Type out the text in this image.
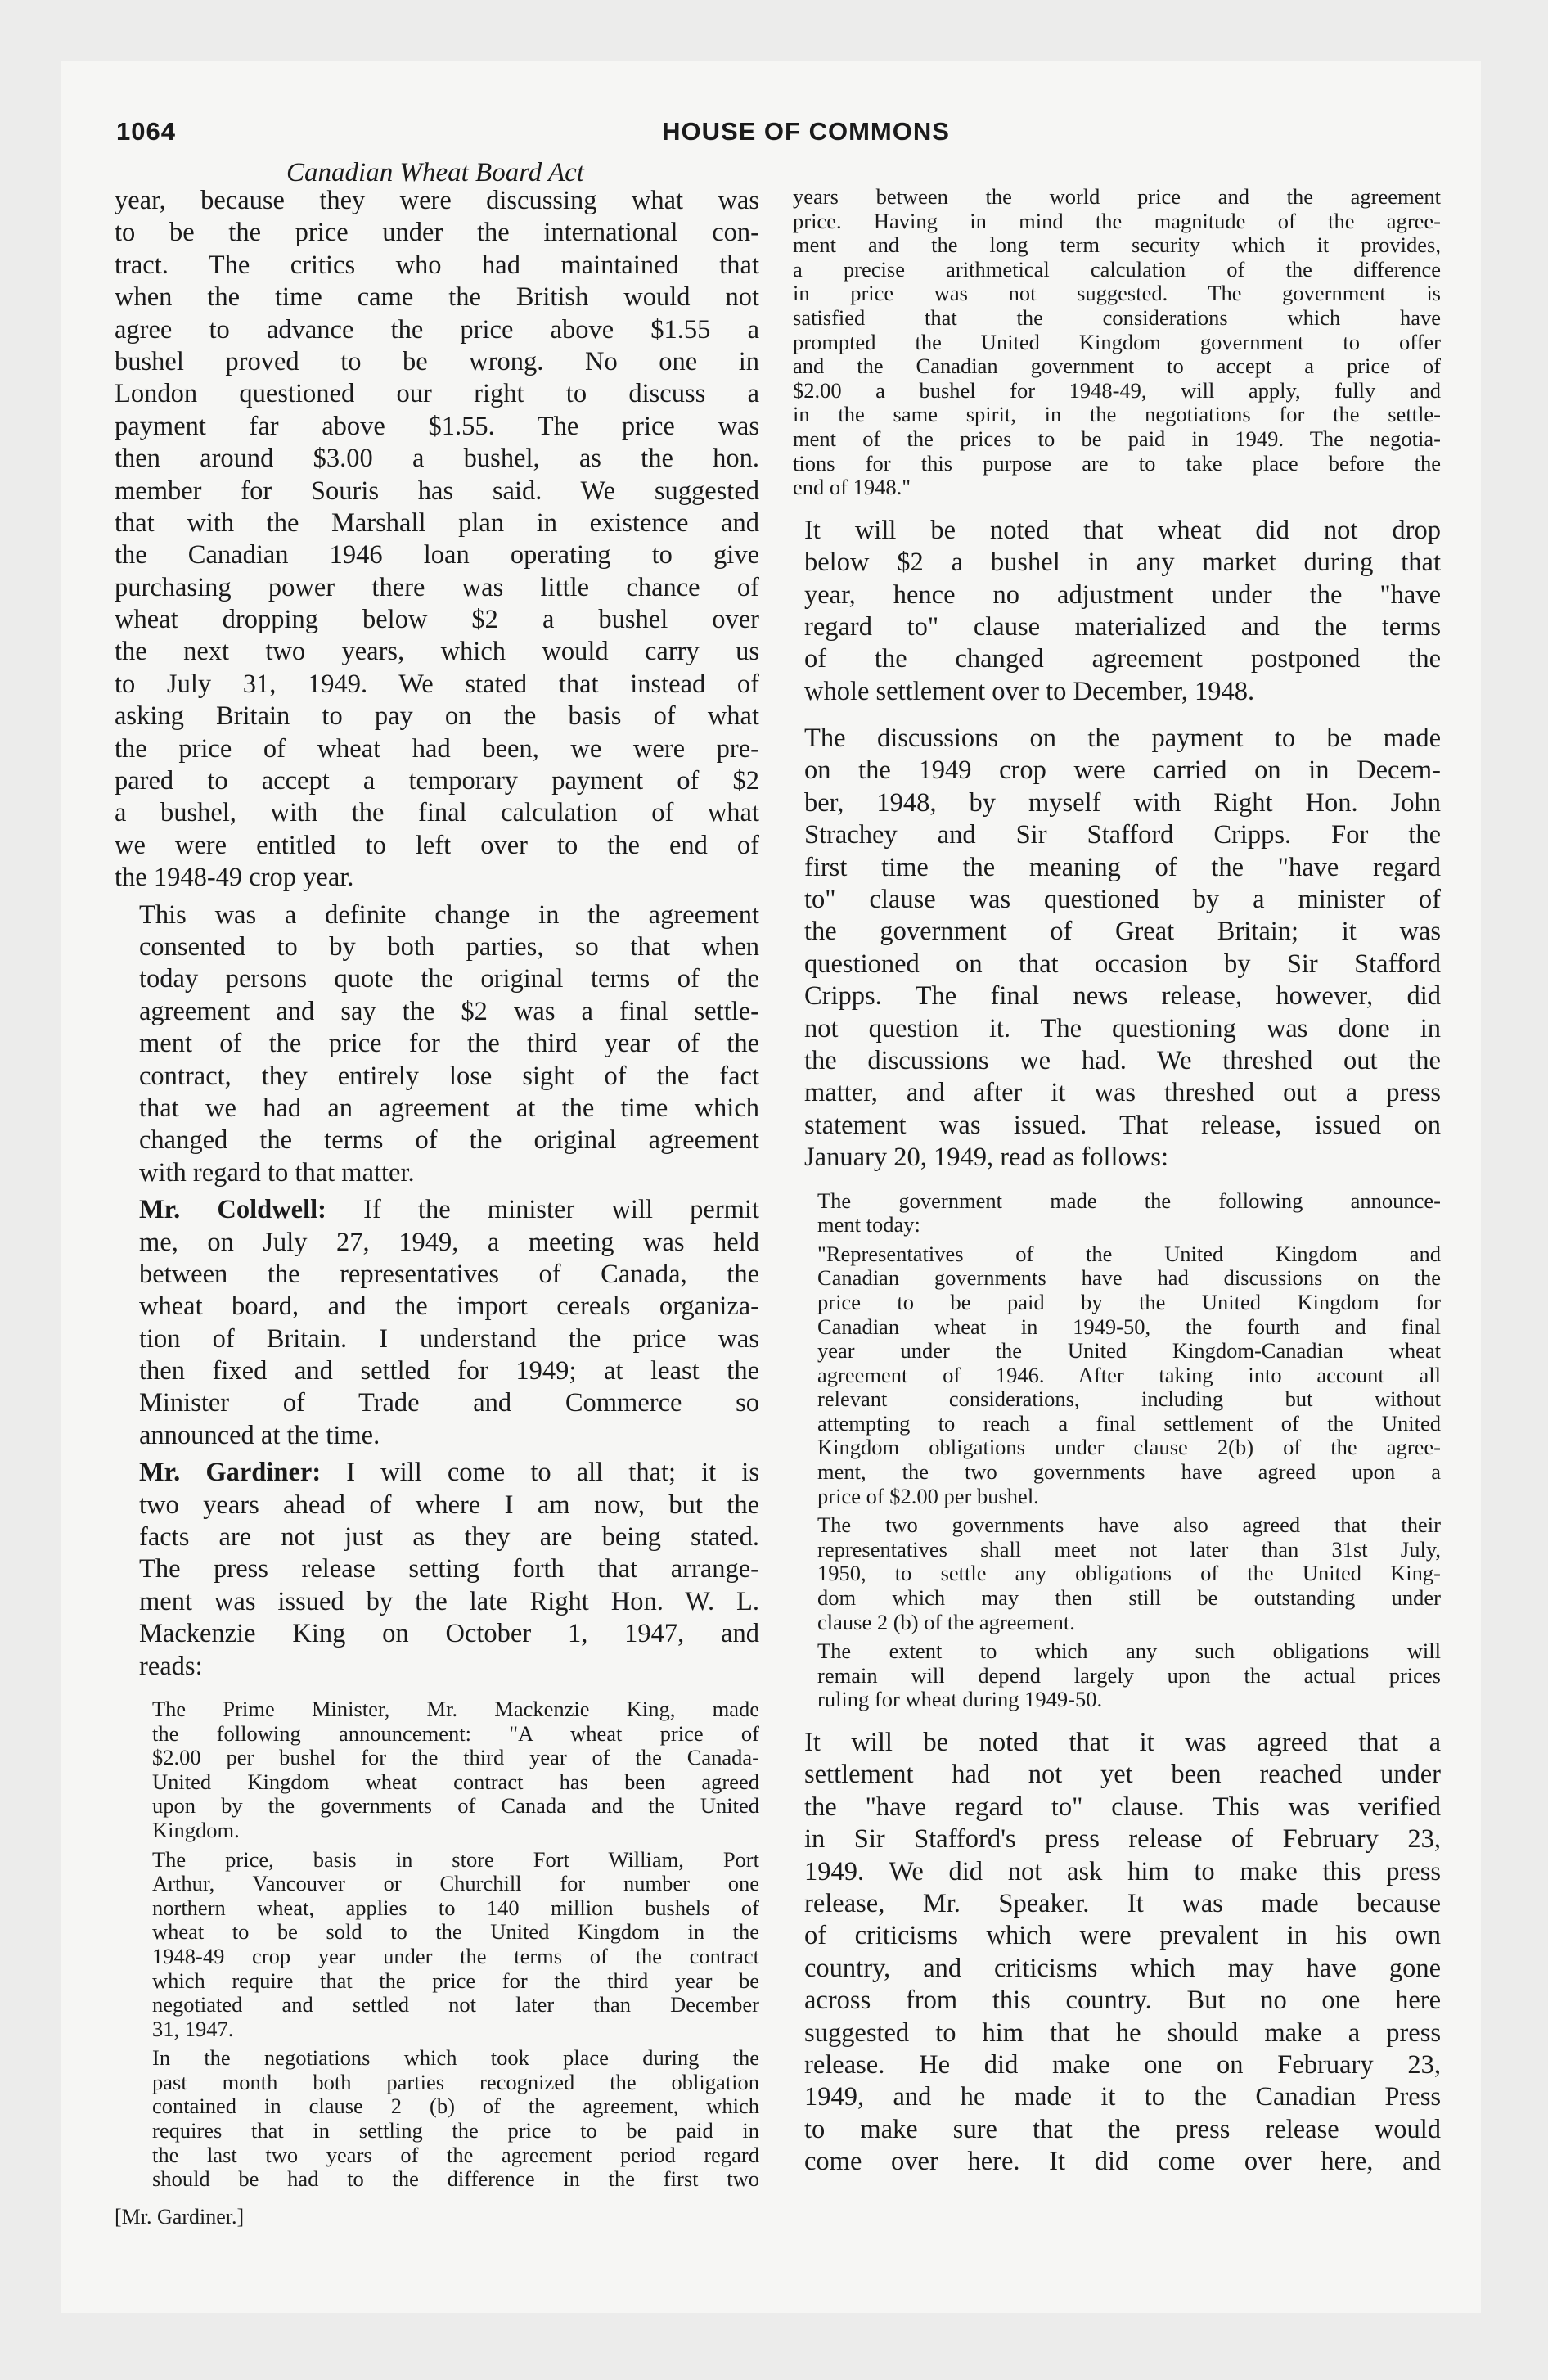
1064	HOUSE OF COMMONS
Canadian Wheat Board Act
year, because they were discussing what was
to be the price under the international con-
tract. The critics who had maintained that
when the time came the British would not
agree to advance the price above $1.55 a
bushel proved to be wrong. No one in
London questioned our right to discuss a
payment far above $1.55. The price was
then around $3.00 a bushel, as the hon.
member for Souris has said. We suggested
that with the Marshall plan in existence and
the Canadian 1946 loan operating to give
purchasing power there was little chance of
wheat dropping below $2 a bushel over
the next two years, which would carry us
to July 31, 1949. We stated that instead of
asking Britain to pay on the basis of what
the price of wheat had been, we were pre-
pared to accept a temporary payment of $2
a bushel, with the final calculation of what
we were entitled to left over to the end of
the 1948-49 crop year.
This was a definite change in the agreement
consented to by both parties, so that when
today persons quote the original terms of the
agreement and say the $2 was a final settle-
ment of the price for the third year of the
contract, they entirely lose sight of the fact
that we had an agreement at the time which
changed the terms of the original agreement
with regard to that matter.
Mr. Coldwell: If the minister will permit
me, on July 27, 1949, a meeting was held
between the representatives of Canada, the
wheat board, and the import cereals organiza-
tion of Britain. I understand the price was
then fixed and settled for 1949; at least the
Minister of Trade and Commerce so
announced at the time.
Mr. Gardiner: I will come to all that; it is
two years ahead of where I am now, but the
facts are not just as they are being stated.
The press release setting forth that arrange-
ment was issued by the late Right Hon. W. L.
Mackenzie King on October 1, 1947, and
reads:
The Prime Minister, Mr. Mackenzie King, made
the following announcement: "A wheat price of
$2.00 per bushel for the third year of the Canada-
United Kingdom wheat contract has been agreed
upon by the governments of Canada and the United
Kingdom.
The price, basis in store Fort William, Port
Arthur, Vancouver or Churchill for number one
northern wheat, applies to 140 million bushels of
wheat to be sold to the United Kingdom in the
1948-49 crop year under the terms of the contract
which require that the price for the third year be
negotiated and settled not later than December
31, 1947.
In the negotiations which took place during the
past month both parties recognized the obligation
contained in clause 2 (b) of the agreement, which
requires that in settling the price to be paid in
the last two years of the agreement period regard
should be had to the difference in the first two
[Mr. Gardiner.]
years between the world price and the agreement
price. Having in mind the magnitude of the agree-
ment and the long term security which it provides,
a precise arithmetical calculation of the difference
in price was not suggested. The government is
satisfied that the considerations which have
prompted the United Kingdom government to offer
and the Canadian government to accept a price of
$2.00 a bushel for 1948-49, will apply, fully and
in the same spirit, in the negotiations for the settle-
ment of the prices to be paid in 1949. The negotia-
tions for this purpose are to take place before the
end of 1948."
It will be noted that wheat did not drop
below $2 a bushel in any market during that
year, hence no adjustment under the "have
regard to" clause materialized and the terms
of the changed agreement postponed the
whole settlement over to December, 1948.
The discussions on the payment to be made
on the 1949 crop were carried on in Decem-
ber, 1948, by myself with Right Hon. John
Strachey and Sir Stafford Cripps. For the
first time the meaning of the "have regard
to" clause was questioned by a minister of
the government of Great Britain; it was
questioned on that occasion by Sir Stafford
Cripps. The final news release, however, did
not question it. The questioning was done in
the discussions we had. We threshed out the
matter, and after it was threshed out a press
statement was issued. That release, issued on
January 20, 1949, read as follows:
The government made the following announce-
ment today:
"Representatives of the United Kingdom and
Canadian governments have had discussions on the
price to be paid by the United Kingdom for
Canadian wheat in 1949-50, the fourth and final
year under the United Kingdom-Canadian wheat
agreement of 1946. After taking into account all
relevant considerations, including but without
attempting to reach a final settlement of the United
Kingdom obligations under clause 2(b) of the agree-
ment, the two governments have agreed upon a
price of $2.00 per bushel.
The two governments have also agreed that their
representatives shall meet not later than 31st July,
1950, to settle any obligations of the United King-
dom which may then still be outstanding under
clause 2 (b) of the agreement.
The extent to which any such obligations will
remain will depend largely upon the actual prices
ruling for wheat during 1949-50.
It will be noted that it was agreed that a
settlement had not yet been reached under
the "have regard to" clause. This was verified
in Sir Stafford's press release of February 23,
1949. We did not ask him to make this press
release, Mr. Speaker. It was made because
of criticisms which were prevalent in his own
country, and criticisms which may have gone
across from this country. But no one here
suggested to him that he should make a press
release. He did make one on February 23,
1949, and he made it to the Canadian Press
to make sure that the press release would
come over here. It did come over here, and
